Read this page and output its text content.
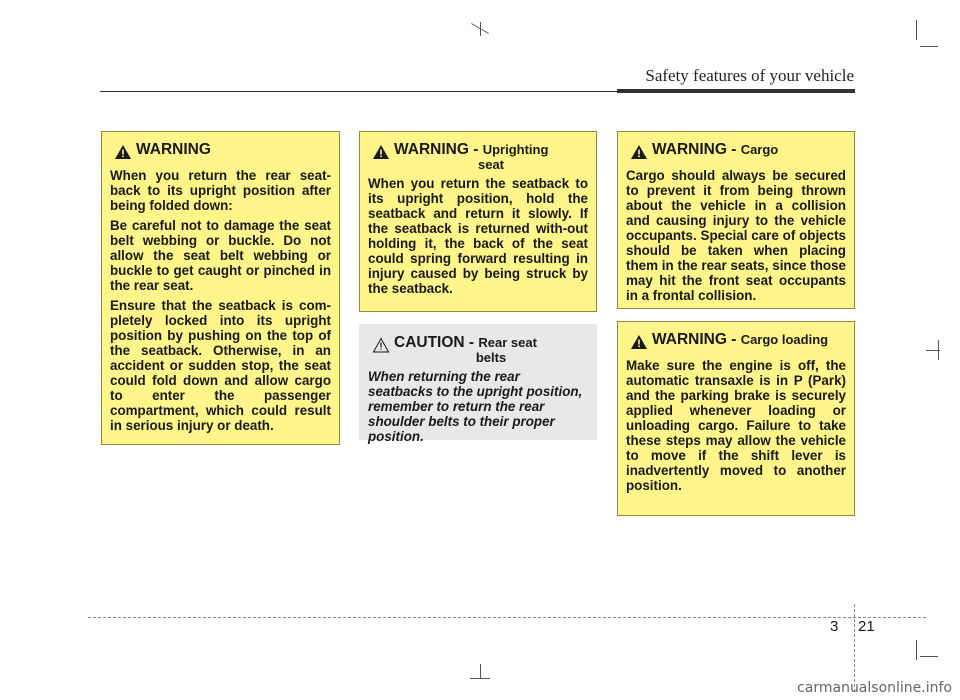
Safety features of your vehicle
WARNING

When you return the rear seat-back to its upright position after being folded down:

Be careful not to damage the seat belt webbing or buckle. Do not allow the seat belt webbing or buckle to get caught or pinched in the rear seat.

Ensure that the seatback is com-pletely locked into its upright position by pushing on the top of the seatback. Otherwise, in an accident or sudden stop, the seat could fold down and allow cargo to enter the passenger compartment, which could result in serious injury or death.

WARNING - Uprighting
seat

When you return the seatback to its upright position, hold the seatback and return it slowly. If the seatback is returned with-out holding it, the back of the seat could spring forward resulting in injury caused by being struck by the seatback.

CAUTION - Rear seat
belts

When returning the rear seatbacks to the upright position, remember to return the rear shoulder belts to their proper position.

WARNING - Cargo

Cargo should always be secured to prevent it from being thrown about the vehicle in a collision and causing injury to the vehicle occupants. Special care of objects should be taken when placing them in the rear seats, since those may hit the front seat occupants in a frontal collision.

WARNING - Cargo loading

Make sure the engine is off, the automatic transaxle is in P (Park) and the parking brake is securely applied whenever loading or unloading cargo. Failure to take these steps may allow the vehicle to move if the shift lever is inadvertently moved to another position.

3 21
carmanualsonline.info
